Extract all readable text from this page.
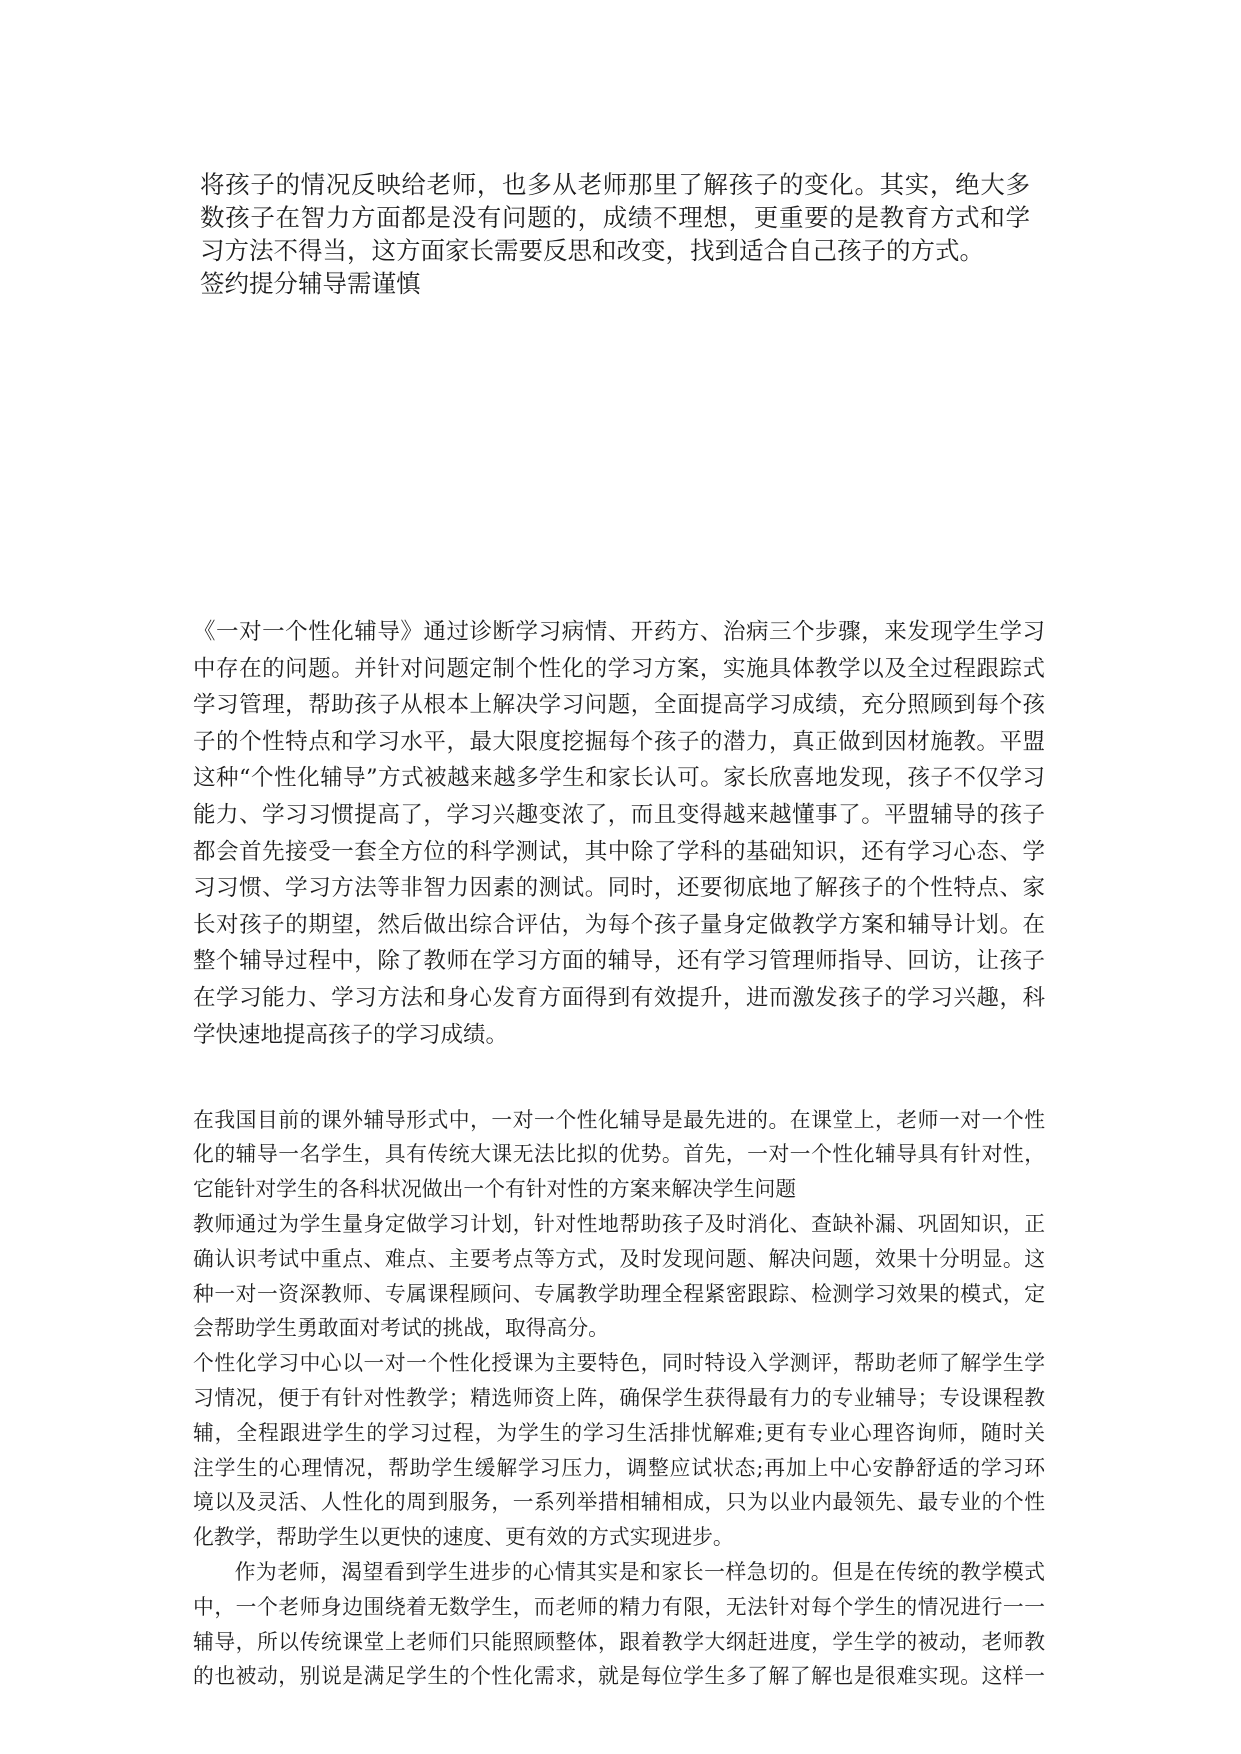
将孩子的情况反映给老师，也多从老师那里了解孩子的变化。其实，绝大多
数孩子在智力方面都是没有问题的，成绩不理想，更重要的是教育方式和学
习方法不得当，这方面家长需要反思和改变，找到适合自己孩子的方式。
签约提分辅导需谨慎
《一对一个性化辅导》通过诊断学习病情、开药方、治病三个步骤，来发现学生学习
中存在的问题。并针对问题定制个性化的学习方案，实施具体教学以及全过程跟踪式
学习管理，帮助孩子从根本上解决学习问题，全面提高学习成绩，充分照顾到每个孩
子的个性特点和学习水平，最大限度挖掘每个孩子的潜力，真正做到因材施教。平盟
这种“个性化辅导”方式被越来越多学生和家长认可。家长欣喜地发现，孩子不仅学习
能力、学习习惯提高了，学习兴趣变浓了，而且变得越来越懂事了。平盟辅导的孩子
都会首先接受一套全方位的科学测试，其中除了学科的基础知识，还有学习心态、学
习习惯、学习方法等非智力因素的测试。同时，还要彻底地了解孩子的个性特点、家
长对孩子的期望，然后做出综合评估，为每个孩子量身定做教学方案和辅导计划。在
整个辅导过程中，除了教师在学习方面的辅导，还有学习管理师指导、回访，让孩子
在学习能力、学习方法和身心发育方面得到有效提升，进而激发孩子的学习兴趣，科
学快速地提高孩子的学习成绩。
在我国目前的课外辅导形式中，一对一个性化辅导是最先进的。在课堂上，老师一对一个性
化的辅导一名学生，具有传统大课无法比拟的优势。首先，一对一个性化辅导具有针对性，
它能针对学生的各科状况做出一个有针对性的方案来解决学生问题
教师通过为学生量身定做学习计划，针对性地帮助孩子及时消化、查缺补漏、巩固知识，正
确认识考试中重点、难点、主要考点等方式，及时发现问题、解决问题，效果十分明显。这
种一对一资深教师、专属课程顾问、专属教学助理全程紧密跟踪、检测学习效果的模式，定
会帮助学生勇敢面对考试的挑战，取得高分。
个性化学习中心以一对一个性化授课为主要特色，同时特设入学测评，帮助老师了解学生学
习情况，便于有针对性教学；精选师资上阵，确保学生获得最有力的专业辅导；专设课程教
辅，全程跟进学生的学习过程，为学生的学习生活排忧解难;更有专业心理咨询师，随时关
注学生的心理情况，帮助学生缓解学习压力，调整应试状态;再加上中心安静舒适的学习环
境以及灵活、人性化的周到服务，一系列举措相辅相成，只为以业内最领先、最专业的个性
化教学，帮助学生以更快的速度、更有效的方式实现进步。
作为老师，渴望看到学生进步的心情其实是和家长一样急切的。但是在传统的教学模式
中，一个老师身边围绕着无数学生，而老师的精力有限，无法针对每个学生的情况进行一一
辅导，所以传统课堂上老师们只能照顾整体，跟着教学大纲赶进度，学生学的被动，老师教
的也被动，别说是满足学生的个性化需求，就是每位学生多了解了解也是很难实现。这样一
